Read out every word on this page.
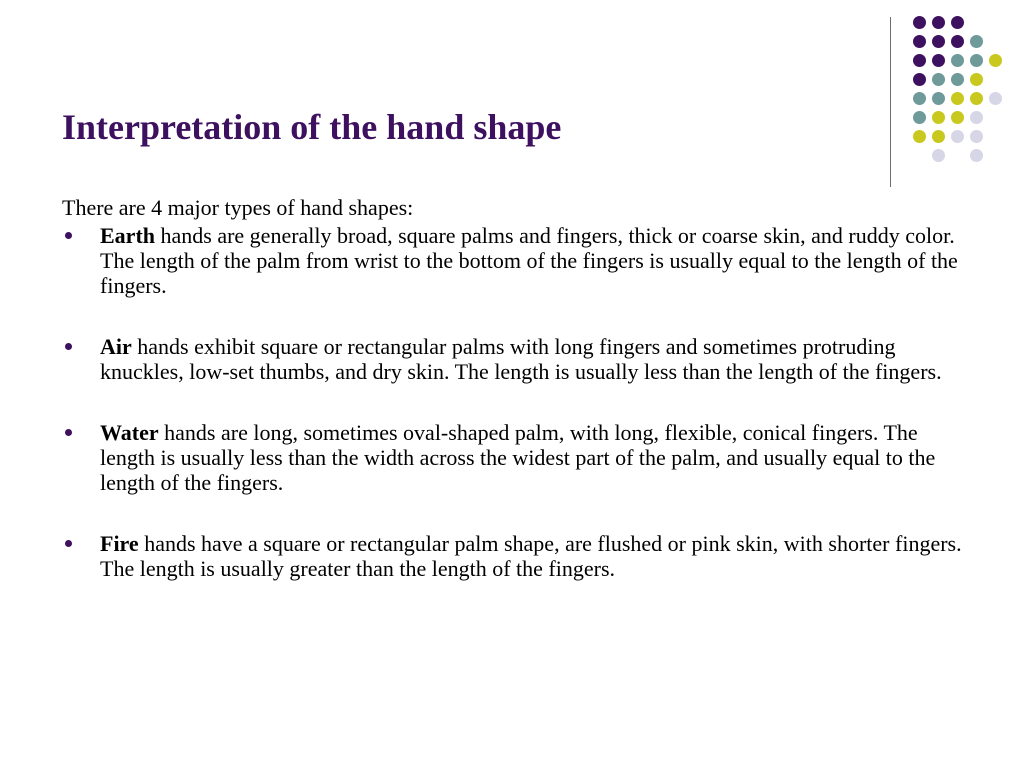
Interpretation of the hand shape

There are 4 major types of hand shapes:

Earth hands are generally broad, square palms and fingers, thick or coarse skin, and ruddy color. The length of the palm from wrist to the bottom of the fingers is usually equal to the length of the fingers.
Air hands exhibit square or rectangular palms with long fingers and sometimes protruding knuckles, low-set thumbs, and dry skin. The length is usually less than the length of the fingers.
Water hands are long, sometimes oval-shaped palm, with long, flexible, conical fingers. The length is usually less than the width across the widest part of the palm, and usually equal to the length of the fingers.
Fire hands have a square or rectangular palm shape, are flushed or pink skin, with shorter fingers. The length is usually greater than the length of the fingers.
